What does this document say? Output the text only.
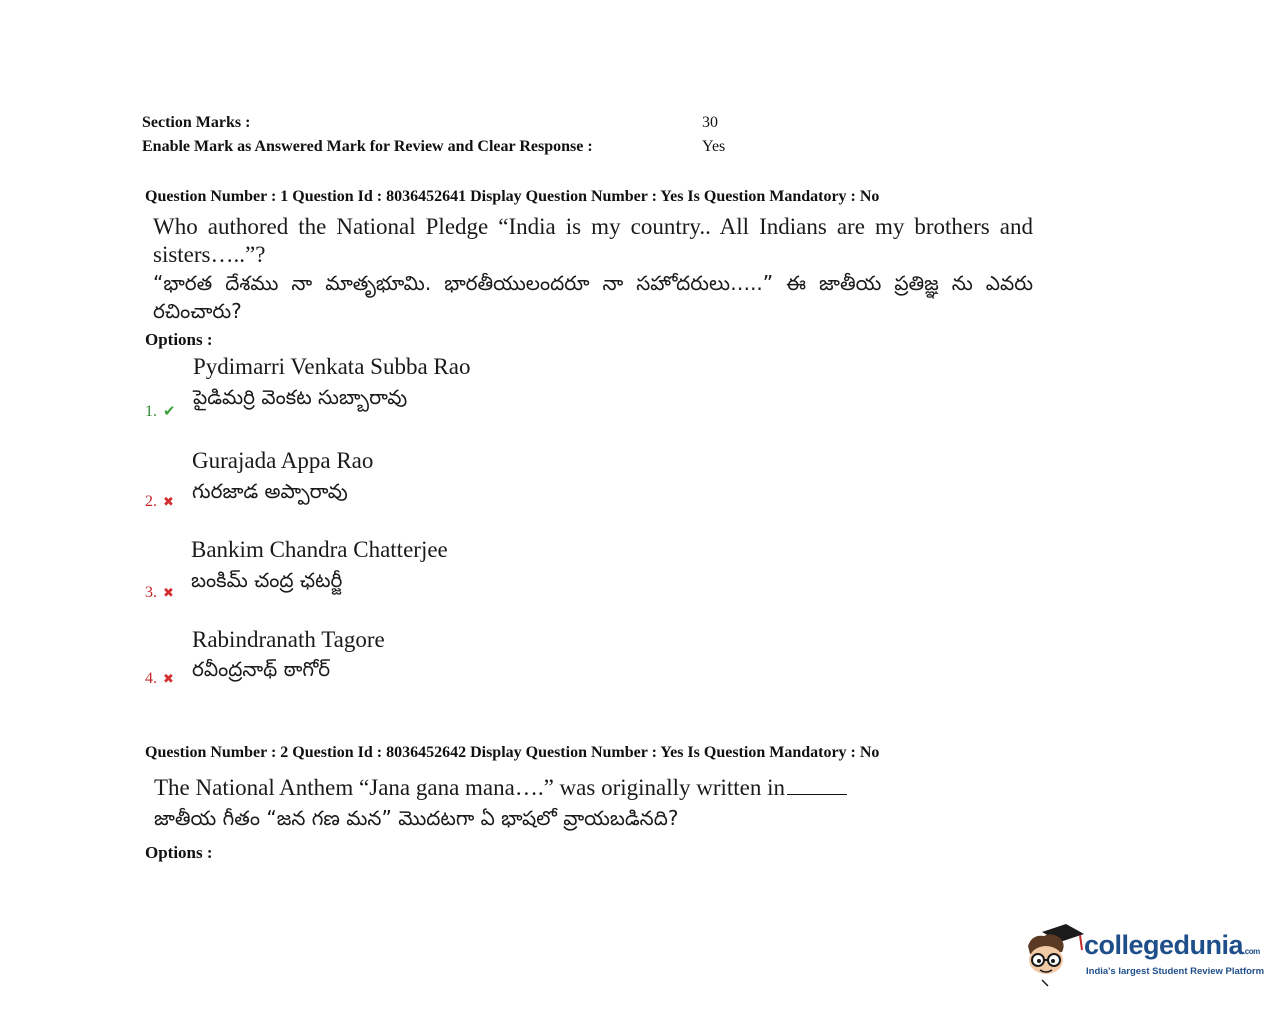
Section Marks :	30
Enable Mark as Answered Mark for Review and Clear Response :	Yes
Question Number : 1 Question Id : 8036452641 Display Question Number : Yes Is Question Mandatory : No
Who authored the National Pledge “India is my country.. All Indians are my brothers and sisters…..”?
“భారత దేశము నా మాతృభూమి. భారతీయులందరూ నా సహోదరులు…..” ఈ జాతీయ ప్రతిజ్ఞ ను ఎవరు రచించారు?
Options :
1. ✔
Pydimarri Venkata Subba Rao
పైడిమర్రి వెంకట సుబ్బారావు
2. ✖
Gurajada Appa Rao
గురజాడ అప్పారావు
3. ✖
Bankim Chandra Chatterjee
బంకిమ్ చంద్ర ఛటర్జీ
4. ✖
Rabindranath Tagore
రవీంద్రనాథ్ ఠాగోర్
Question Number : 2 Question Id : 8036452642 Display Question Number : Yes Is Question Mandatory : No
The National Anthem “Jana gana mana….” was originally written in
జాతీయ గీతం “జన గణ మన” మొదటగా ఏ భాషలో వ్రాయబడినది?
Options :
collegedunia.com
India's largest Student Review Platform
